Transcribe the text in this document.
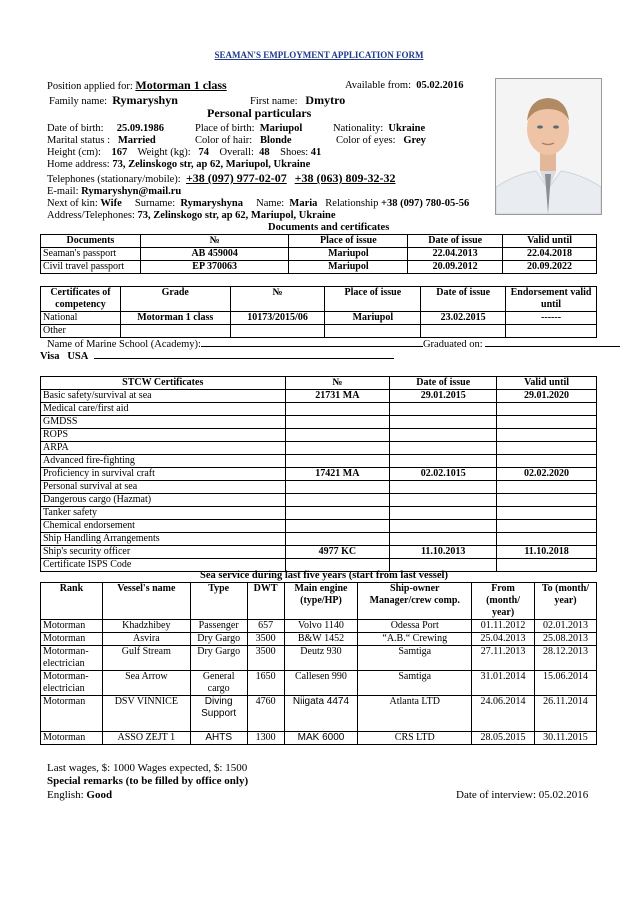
SEAMAN'S EMPLOYMENT APPLICATION FORM
Position applied for: Motorman 1 class	Available from: 05.02.2016
Family name: Rymaryshyn	First name: Dmytro
Personal particulars
Date of birth: 25.09.1986	Place of birth: Mariupol	Nationality: Ukraine
Marital status : Married	Color of hair: Blonde	Color of eyes: Grey
Height (cm): 167 Weight (kg): 74 Overall: 48 Shoes: 41
Home address: 73, Zelinskogo str, ap 62, Mariupol, Ukraine
Telephones (stationary/mobile): +38 (097) 977-02-07 +38 (063) 809-32-32
E-mail: Rymaryshyn@mail.ru
Next of kin: Wife Surname: Rymaryshyna Name: Maria Relationship +38 (097) 780-05-56
Address/Telephones: 73, Zelinskogo str, ap 62, Mariupol, Ukraine
Documents and certificates
Documents	№	Place of issue	Date of issue	Valid until
Seaman's passport	AB 459004	Mariupol	22.04.2013	22.04.2018
Civil travel passport	EP 370063	Mariupol	20.09.2012	20.09.2022
Certificates of competency	Grade	№	Place of issue	Date of issue	Endorsement valid until
National	Motorman 1 class	10173/2015/06	Mariupol	23.02.2015	------
Other					
Name of Marine School (Academy):	Graduated on:
Visa USA
STCW Certificates	№	Date of issue	Valid until
Basic safety/survival at sea	21731 MA	29.01.2015	29.01.2020
Medical care/first aid			
GMDSS			
ROPS			
ARPA			
Advanced fire-fighting			
Proficiency in survival craft	17421 MA	02.02.1015	02.02.2020
Personal survival at sea			
Dangerous cargo (Hazmat)			
Tanker safety			
Chemical endorsement			
Ship Handling Arrangements			
Ship's security officer	4977 KC	11.10.2013	11.10.2018
Certificate ISPS Code			
Sea service during last five years (start from last vessel)
Rank	Vessel's name	Type	DWT	Main engine (type/HP)	Ship-owner Manager/crew comp.	From (month/ year)	To (month/ year)
Motorman	Khadzhibey	Passenger	657	Volvo 1140	Odessa Port	01.11.2012	02.01.2013
Motorman	Asvira	Dry Gargo	3500	B&W 1452	“A.B.“ Crewing	25.04.2013	25.08.2013
Motorman- electrician	Gulf Stream	Dry Gargo	3500	Deutz 930	Samtiga	27.11.2013	28.12.2013
Motorman- electrician	Sea Arrow	General cargo	1650	Callesen 990	Samtiga	31.01.2014	15.06.2014
Motorman	DSV VINNICE	Diving Support	4760	Niigata 4474	Atlanta LTD	24.06.2014	26.11.2014
Motorman	ASSO ZEJT 1	AHTS	1300	MAK 6000	CRS LTD	28.05.2015	30.11.2015
Last wages, $: 1000 Wages expected, $: 1500
Special remarks (to be filled by office only)
English: Good	Date of interview: 05.02.2016
